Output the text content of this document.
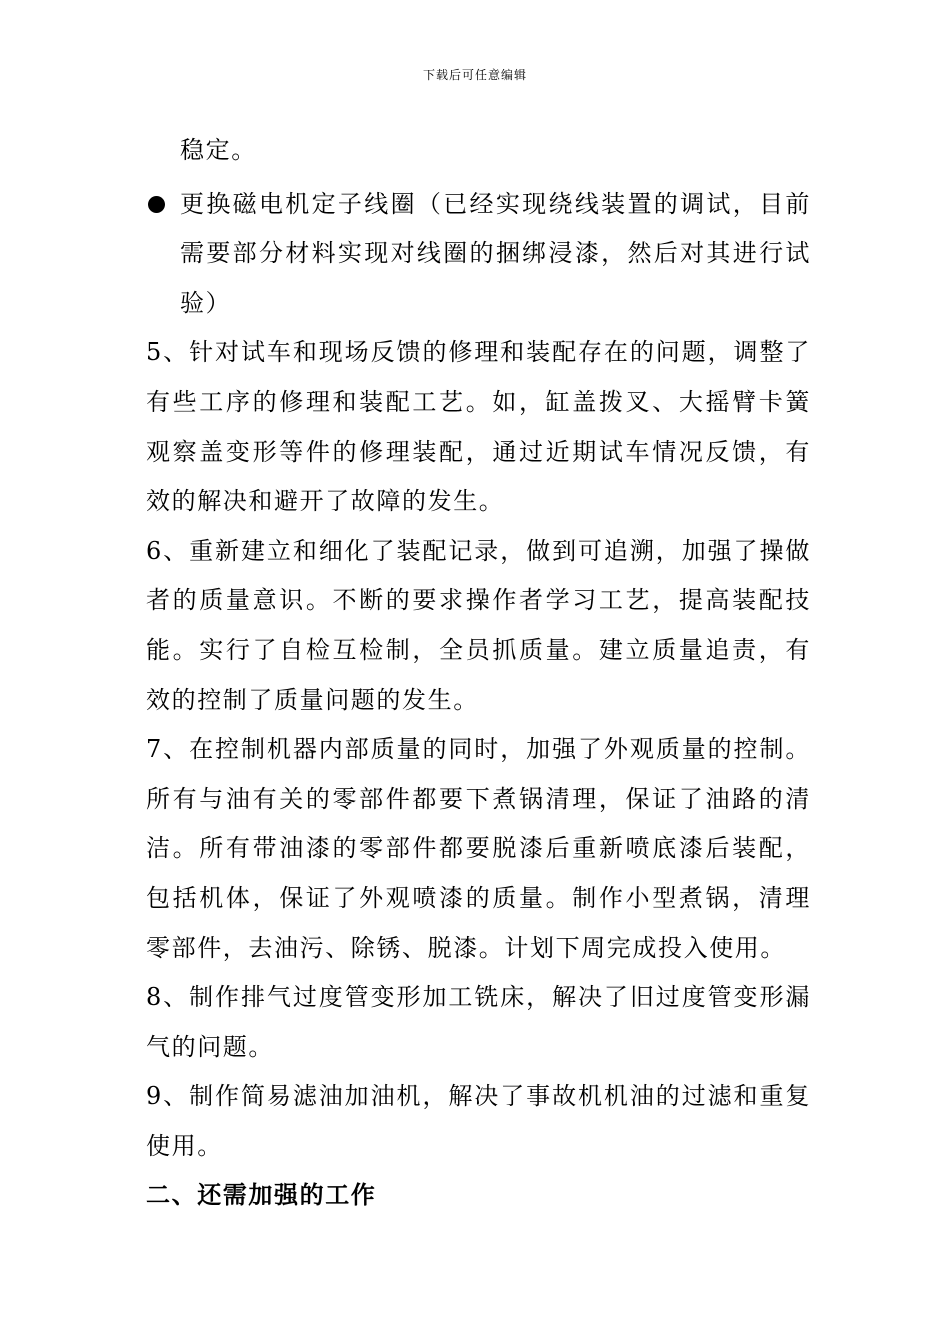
下载后可任意编辑

稳定。

更换磁电机定子线圈（已经实现绕线装置的调试，目前需要部分材料实现对线圈的捆绑浸漆，然后对其进行试验）

5、针对试车和现场反馈的修理和装配存在的问题，调整了有些工序的修理和装配工艺。如，缸盖拨叉、大摇臂卡簧观察盖变形等件的修理装配，通过近期试车情况反馈，有效的解决和避开了故障的发生。

6、重新建立和细化了装配记录，做到可追溯，加强了操做者的质量意识。不断的要求操作者学习工艺，提高装配技能。实行了自检互检制，全员抓质量。建立质量追责，有效的控制了质量问题的发生。

7、在控制机器内部质量的同时，加强了外观质量的控制。所有与油有关的零部件都要下煮锅清理，保证了油路的清洁。所有带油漆的零部件都要脱漆后重新喷底漆后装配，包括机体，保证了外观喷漆的质量。制作小型煮锅，清理零部件，去油污、除锈、脱漆。计划下周完成投入使用。

8、制作排气过度管变形加工铣床，解决了旧过度管变形漏气的问题。

9、制作简易滤油加油机，解决了事故机机油的过滤和重复使用。

二、还需加强的工作
